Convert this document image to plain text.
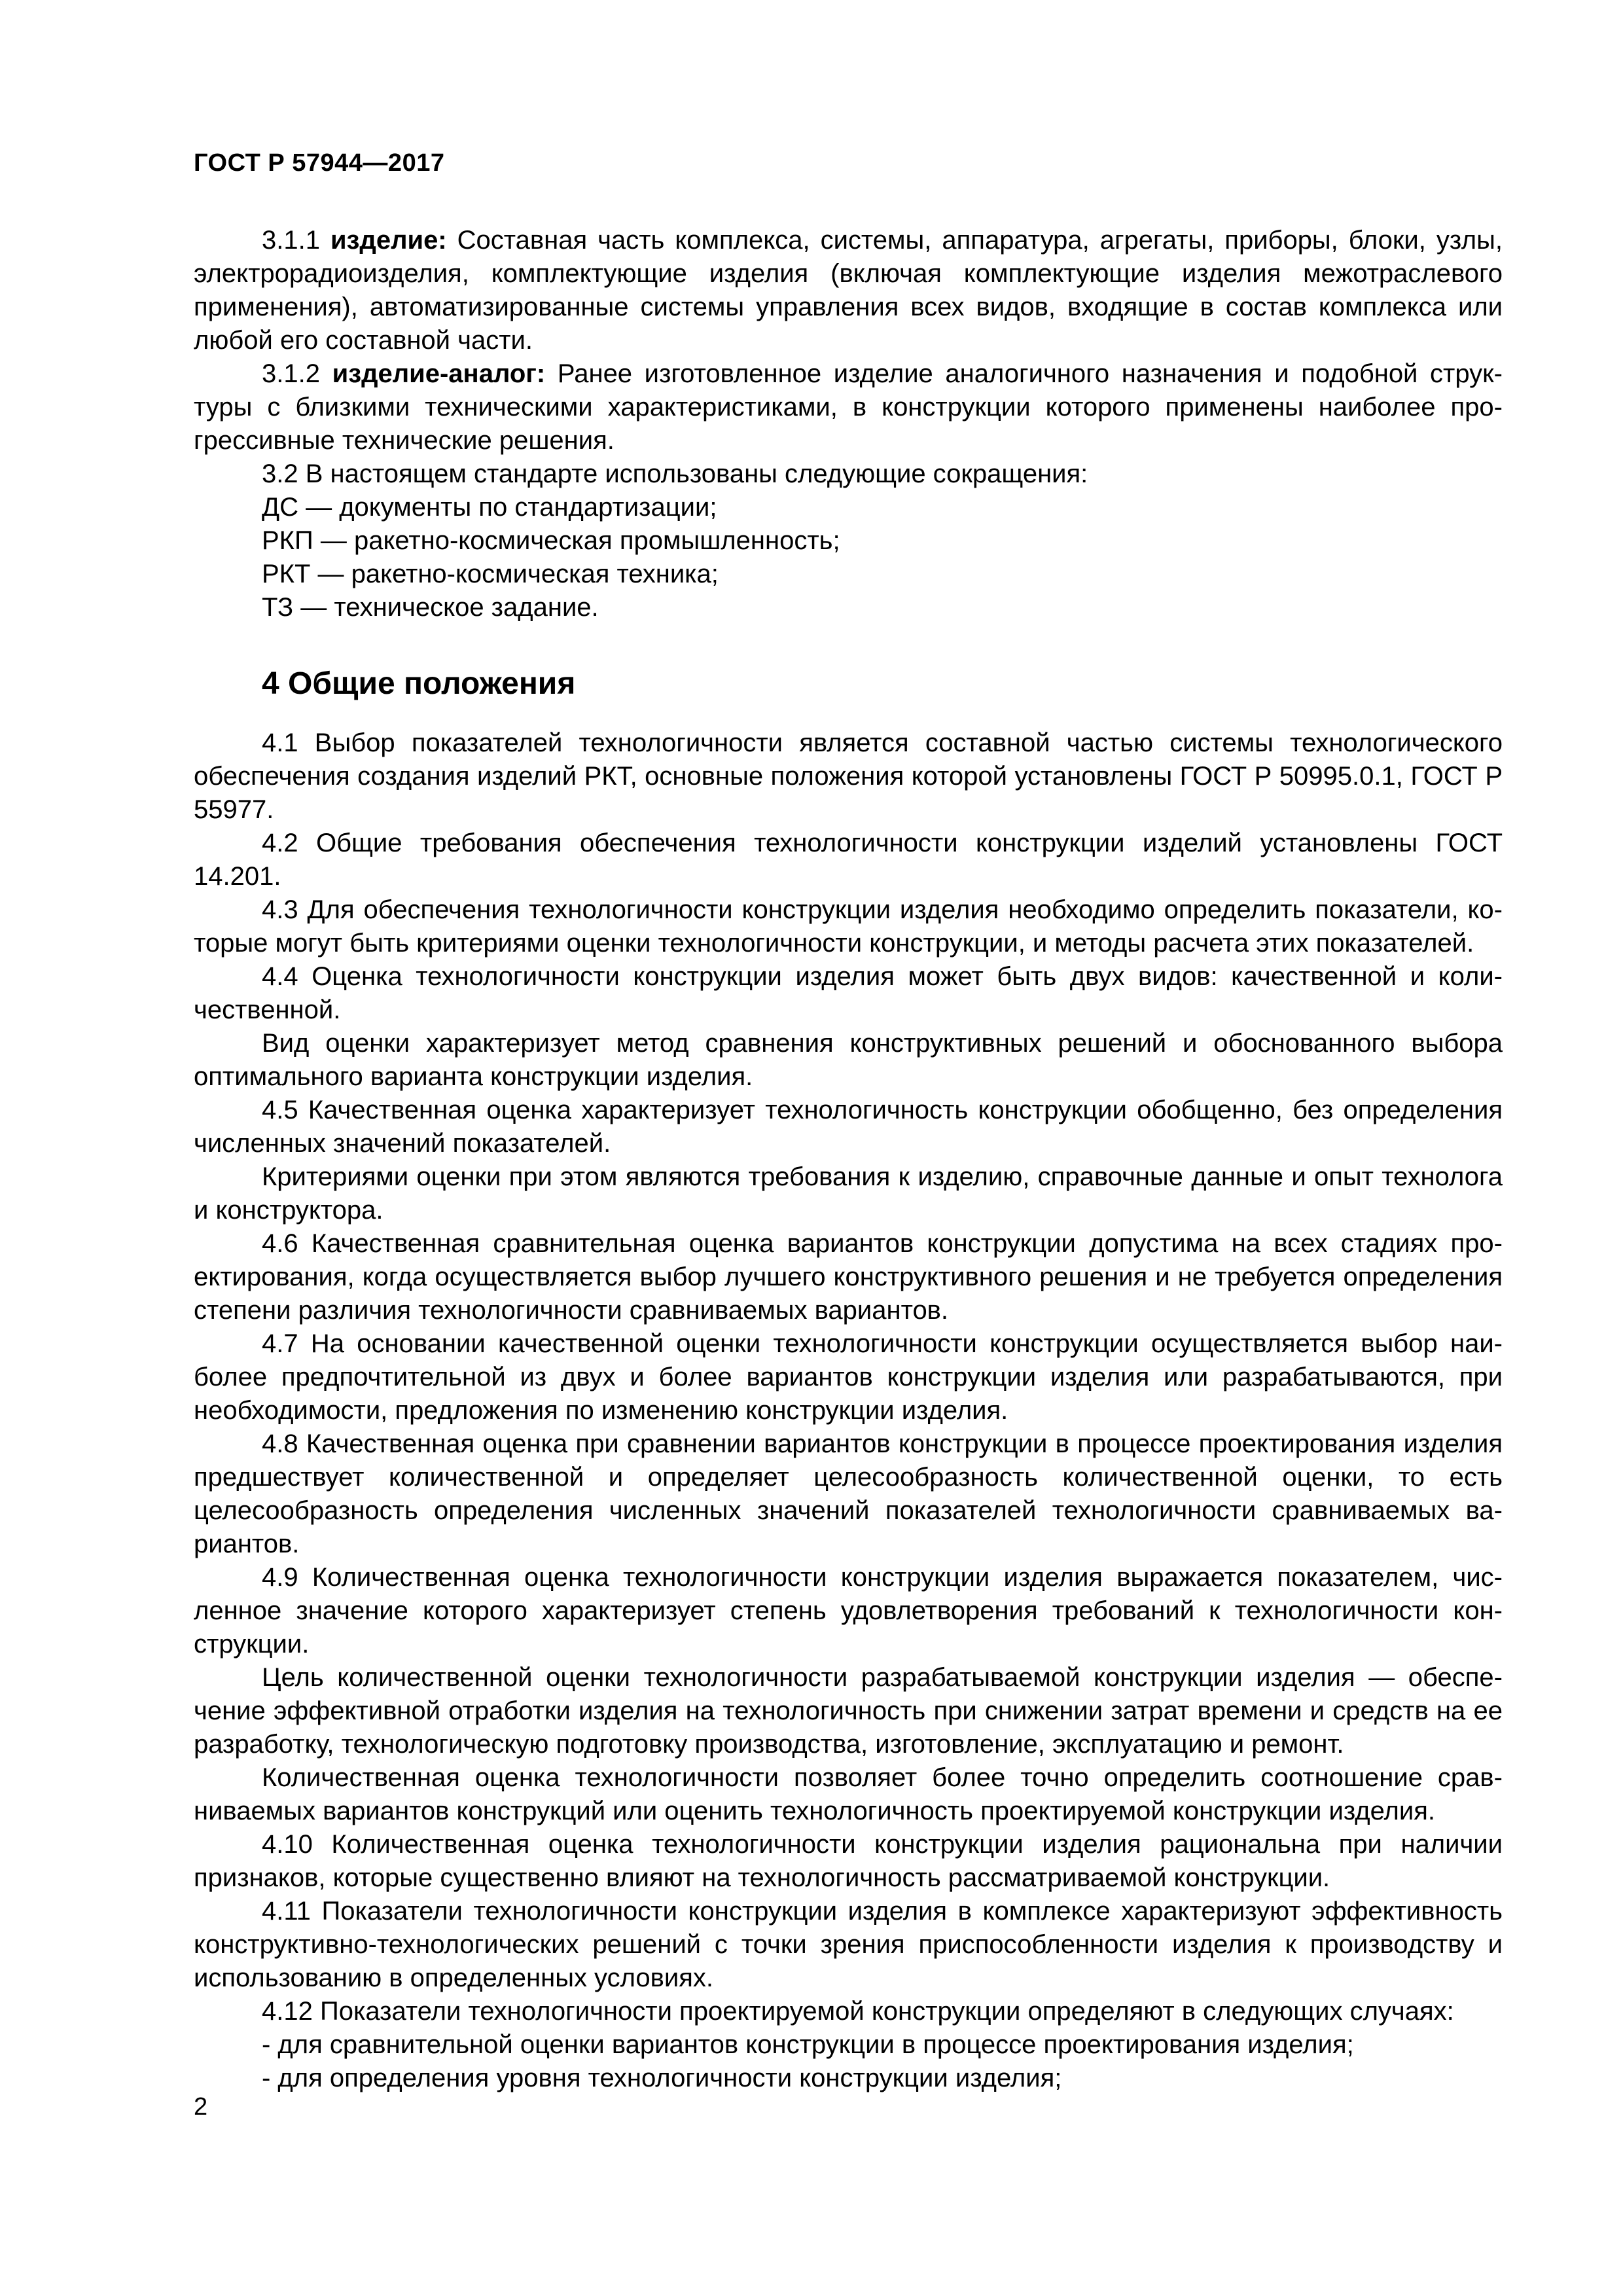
ГОСТ Р 57944—2017

3.1.1 изделие: Составная часть комплекса, системы, аппаратура, агрегаты, приборы, блоки, узлы, электрорадиоизделия, комплектующие изделия (включая комплектующие изделия межотраслевого применения), автоматизированные системы управления всех видов, входящие в состав комплекса или любой его составной части.

3.1.2 изделие-аналог: Ранее изготовленное изделие аналогичного назначения и подобной структуры с близкими техническими характеристиками, в конструкции которого применены наиболее прогрессивные технические решения.

3.2 В настоящем стандарте использованы следующие сокращения:

ДС — документы по стандартизации;

РКП — ракетно-космическая промышленность;

РКТ — ракетно-космическая техника;

ТЗ — техническое задание.

4 Общие положения

4.1 Выбор показателей технологичности является составной частью системы технологического обеспечения создания изделий РКТ, основные положения которой установлены ГОСТ Р 50995.0.1, ГОСТ Р 55977.

4.2 Общие требования обеспечения технологичности конструкции изделий установлены ГОСТ 14.201.

4.3 Для обеспечения технологичности конструкции изделия необходимо определить показатели, которые могут быть критериями оценки технологичности конструкции, и методы расчета этих показателей.

4.4 Оценка технологичности конструкции изделия может быть двух видов: качественной и количественной.

Вид оценки характеризует метод сравнения конструктивных решений и обоснованного выбора оптимального варианта конструкции изделия.

4.5 Качественная оценка характеризует технологичность конструкции обобщенно, без определения численных значений показателей.

Критериями оценки при этом являются требования к изделию, справочные данные и опыт технолога и конструктора.

4.6 Качественная сравнительная оценка вариантов конструкции допустима на всех стадиях проектирования, когда осуществляется выбор лучшего конструктивного решения и не требуется определения степени различия технологичности сравниваемых вариантов.

4.7 На основании качественной оценки технологичности конструкции осуществляется выбор наиболее предпочтительной из двух и более вариантов конструкции изделия или разрабатываются, при необходимости, предложения по изменению конструкции изделия.

4.8 Качественная оценка при сравнении вариантов конструкции в процессе проектирования изделия предшествует количественной и определяет целесообразность количественной оценки, то есть целесообразность определения численных значений показателей технологичности сравниваемых вариантов.

4.9 Количественная оценка технологичности конструкции изделия выражается показателем, численное значение которого характеризует степень удовлетворения требований к технологичности конструкции.

Цель количественной оценки технологичности разрабатываемой конструкции изделия — обеспечение эффективной отработки изделия на технологичность при снижении затрат времени и средств на ее разработку, технологическую подготовку производства, изготовление, эксплуатацию и ремонт.

Количественная оценка технологичности позволяет более точно определить соотношение сравниваемых вариантов конструкций или оценить технологичность проектируемой конструкции изделия.

4.10 Количественная оценка технологичности конструкции изделия рациональна при наличии признаков, которые существенно влияют на технологичность рассматриваемой конструкции.

4.11 Показатели технологичности конструкции изделия в комплексе характеризуют эффективность конструктивно-технологических решений с точки зрения приспособленности изделия к производству и использованию в определенных условиях.

4.12 Показатели технологичности проектируемой конструкции определяют в следующих случаях:

- для сравнительной оценки вариантов конструкции в процессе проектирования изделия;

- для определения уровня технологичности конструкции изделия;

2
